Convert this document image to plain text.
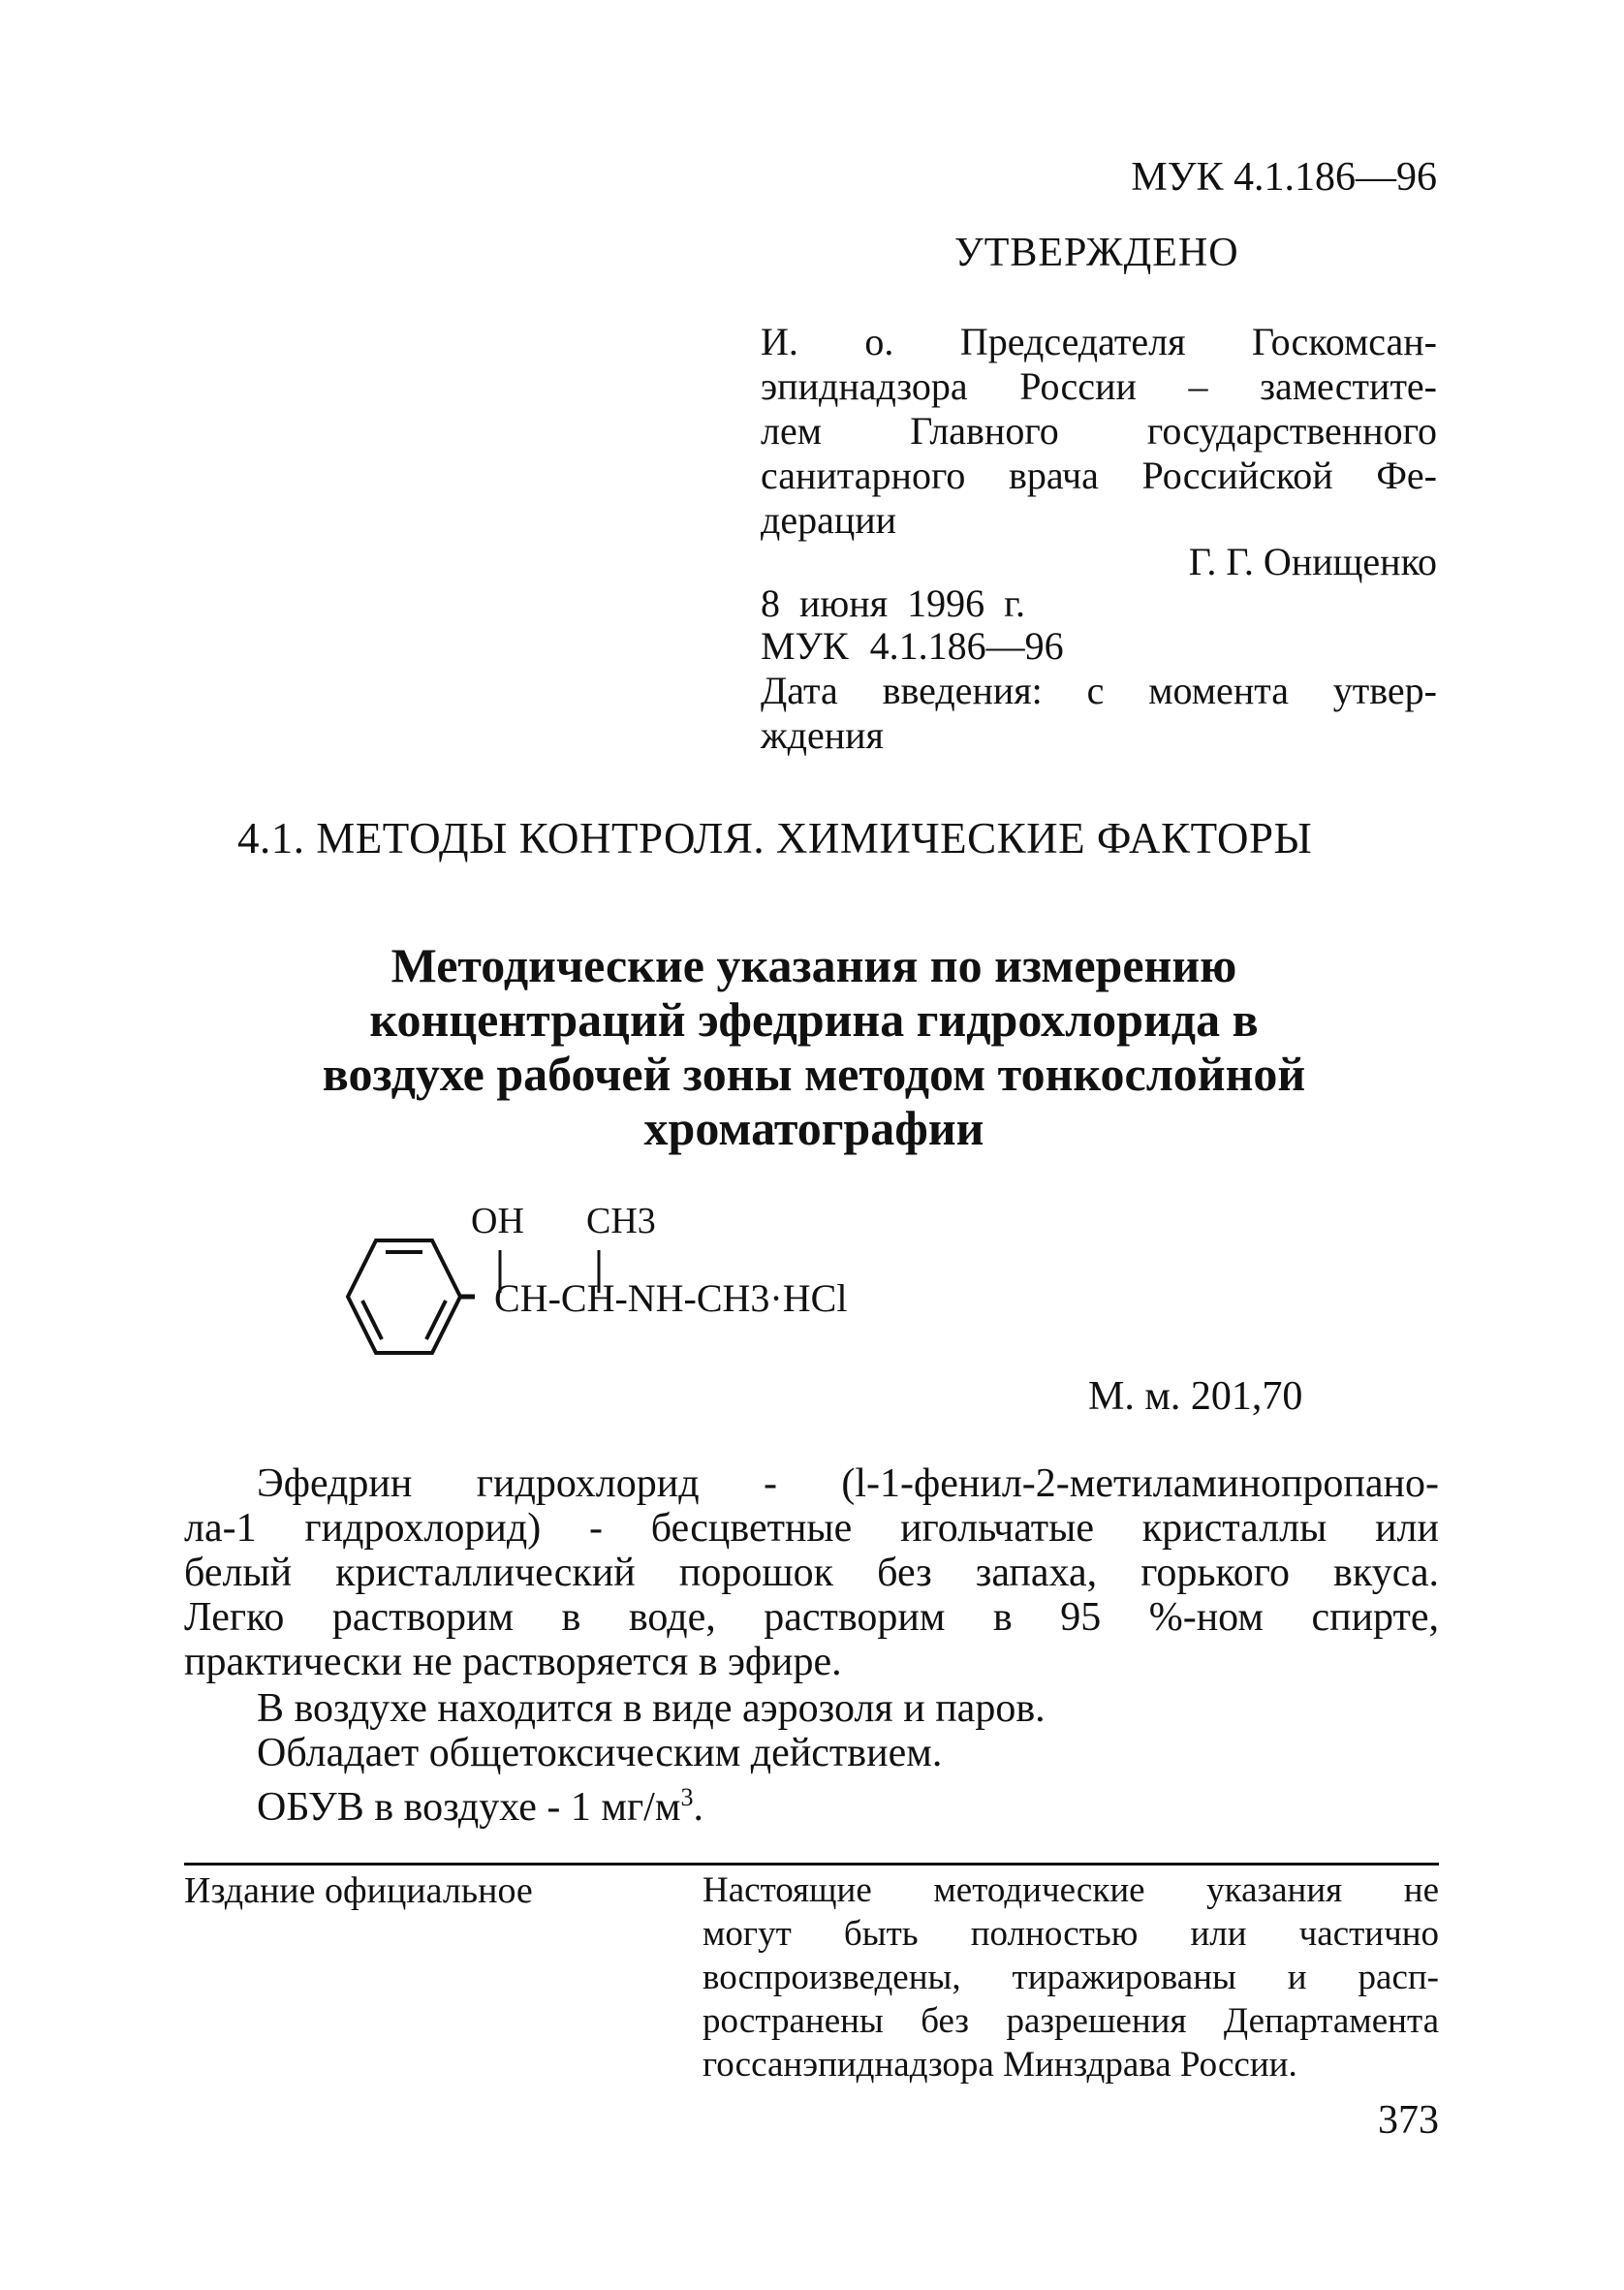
МУК 4.1.186—96
УТВЕРЖДЕНО
И. о. Председателя Госкомсан-
эпиднадзора России – заместите-
лем Главного государственного
санитарного врача Российской Фе-
дерации
Г. Г. Онищенко
8 июня 1996 г.
МУК 4.1.186—96
Дата введения: с момента утвер-
ждения
4.1. МЕТОДЫ КОНТРОЛЯ. ХИМИЧЕСКИЕ ФАКТОРЫ
Методические указания по измерению
концентраций эфедрина гидрохлорида в
воздухе рабочей зоны методом тонкослойной
хроматографии
OH CH3
CH-CH-NH-CH3·HCl
М. м. 201,70
Эфедрин гидрохлорид - (l-1-фенил-2-метиламинопропано-
ла-1 гидрохлорид) - бесцветные игольчатые кристаллы или
белый кристаллический порошок без запаха, горького вкуса.
Легко растворим в воде, растворим в 95 %-ном спирте,
практически не растворяется в эфире.
В воздухе находится в виде аэрозоля и паров.
Обладает общетоксическим действием.
ОБУВ в воздухе - 1 $мг/м^3$.
Издание официальное	Настоящие методические указания не
могут быть полностью или частично
воспроизведены, тиражированы и расп-
ространены без разрешения Департамента
госсанэпиднадзора Минздрава России.
373
